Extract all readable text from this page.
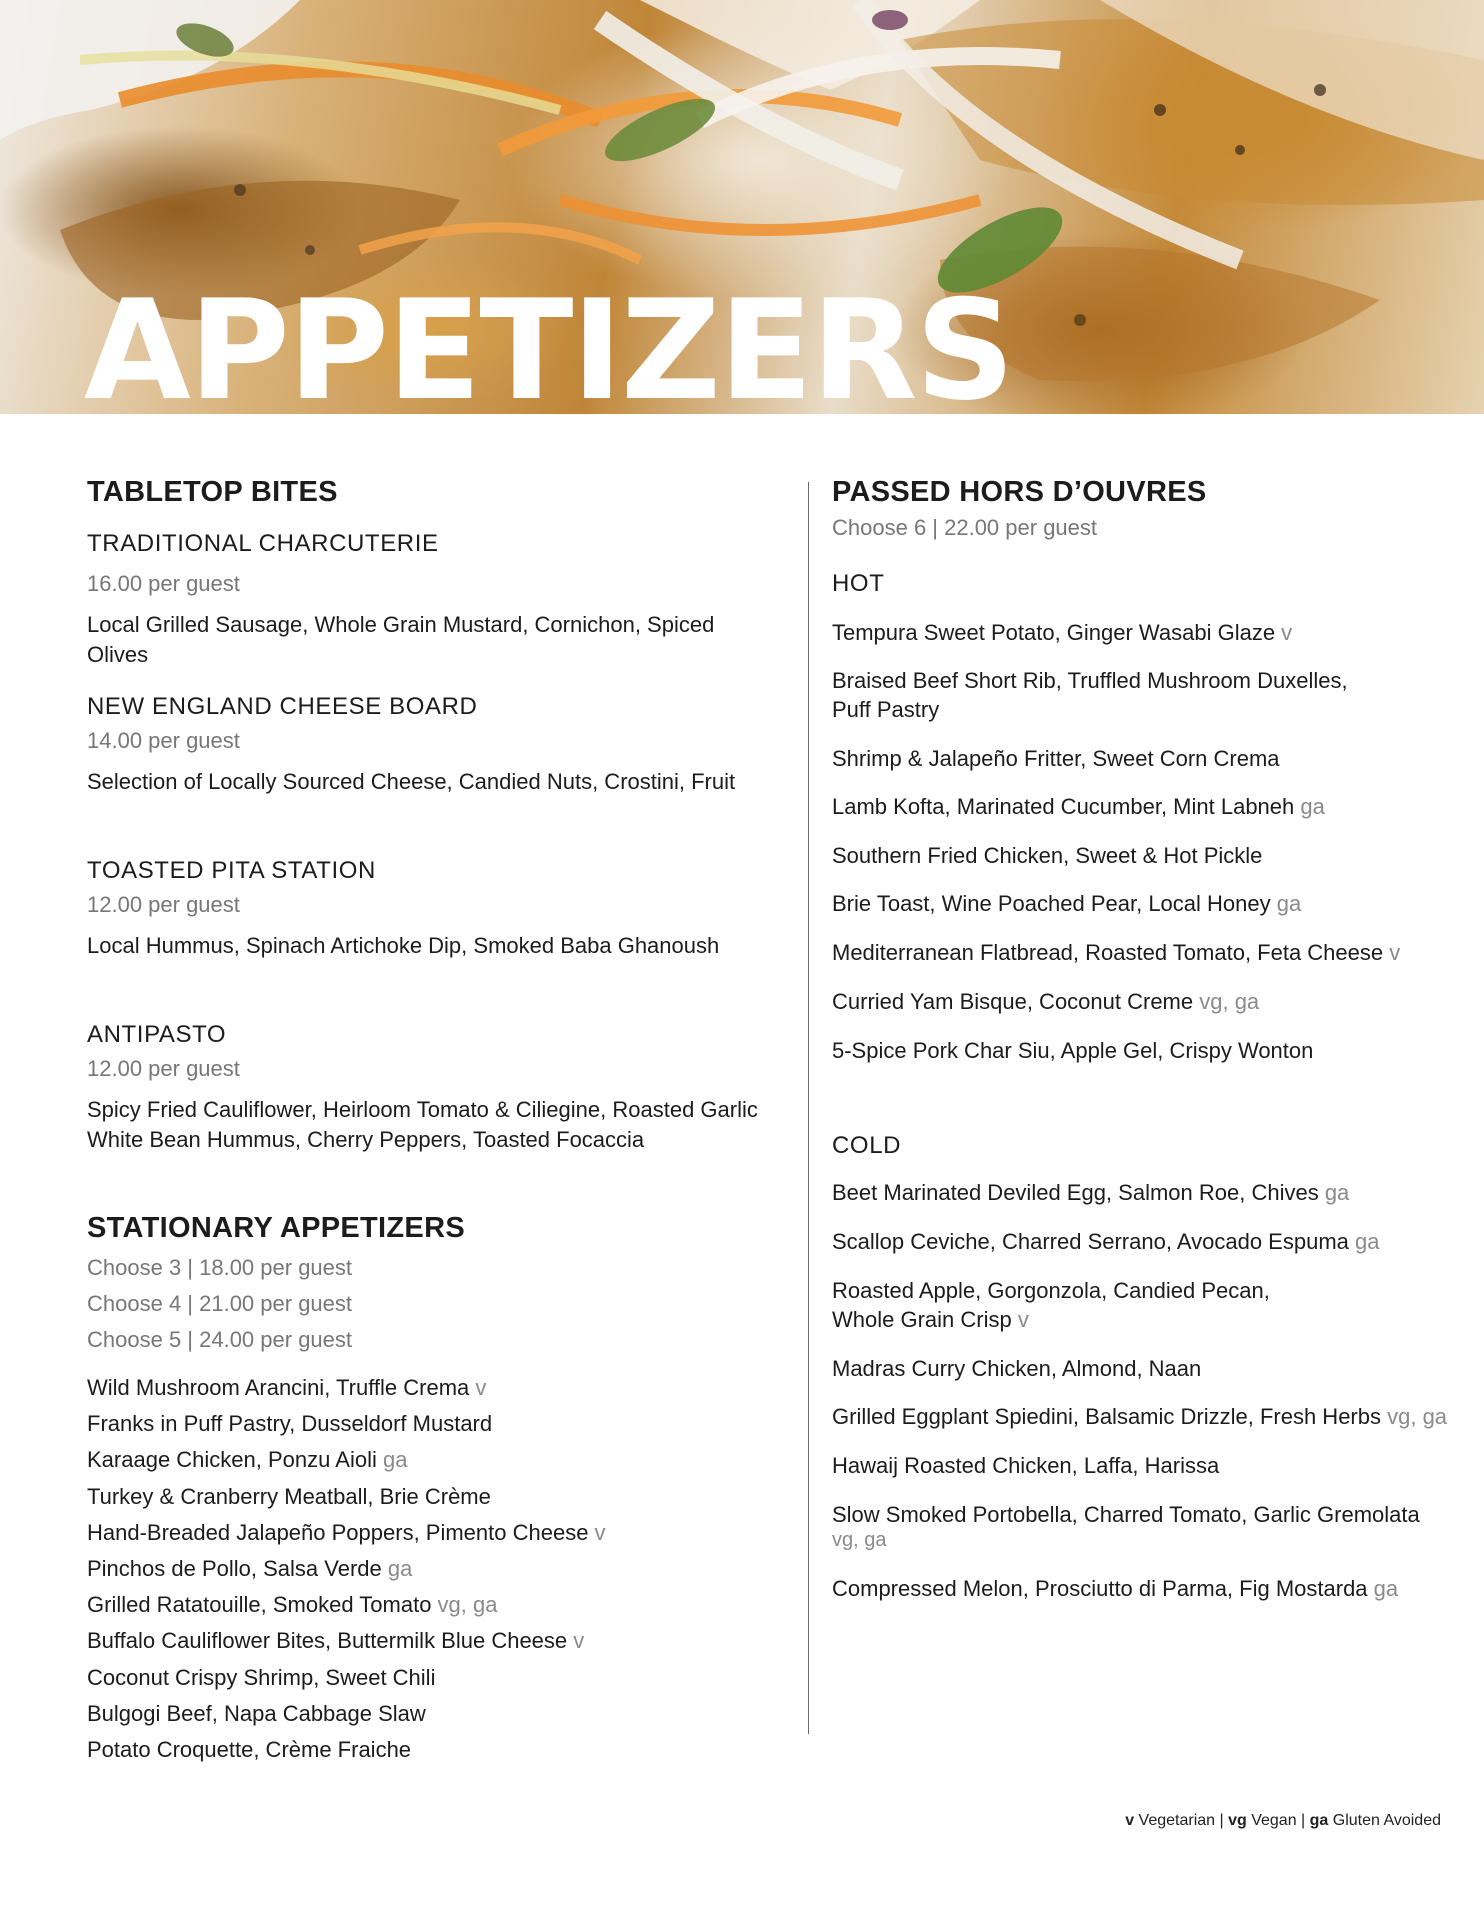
APPETIZERS
TABLETOP BITES
TRADITIONAL CHARCUTERIE
16.00 per guest
Local Grilled Sausage, Whole Grain Mustard, Cornichon, Spiced Olives
NEW ENGLAND CHEESE BOARD
14.00 per guest
Selection of Locally Sourced Cheese, Candied Nuts, Crostini, Fruit
TOASTED PITA STATION
12.00 per guest
Local Hummus, Spinach Artichoke Dip, Smoked Baba Ghanoush
ANTIPASTO
12.00 per guest
Spicy Fried Cauliflower, Heirloom Tomato & Ciliegine, Roasted Garlic
White Bean Hummus, Cherry Peppers, Toasted Focaccia
STATIONARY APPETIZERS
Choose 3 | 18.00 per guest
Choose 4 | 21.00 per guest
Choose 5 | 24.00 per guest
Wild Mushroom Arancini, Truffle Crema v
Franks in Puff Pastry, Dusseldorf Mustard
Karaage Chicken, Ponzu Aioli ga
Turkey & Cranberry Meatball, Brie Crème
Hand-Breaded Jalapeño Poppers, Pimento Cheese v
Pinchos de Pollo, Salsa Verde ga
Grilled Ratatouille, Smoked Tomato vg, ga
Buffalo Cauliflower Bites, Buttermilk Blue Cheese v
Coconut Crispy Shrimp, Sweet Chili
Bulgogi Beef, Napa Cabbage Slaw
Potato Croquette, Crème Fraiche
PASSED HORS D’OUVRES
Choose 6 | 22.00 per guest
HOT
Tempura Sweet Potato, Ginger Wasabi Glaze v
Braised Beef Short Rib, Truffled Mushroom Duxelles,
Puff Pastry
Shrimp & Jalapeño Fritter, Sweet Corn Crema
Lamb Kofta, Marinated Cucumber, Mint Labneh ga
Southern Fried Chicken, Sweet & Hot Pickle
Brie Toast, Wine Poached Pear, Local Honey ga
Mediterranean Flatbread, Roasted Tomato, Feta Cheese v
Curried Yam Bisque, Coconut Creme vg, ga
5-Spice Pork Char Siu, Apple Gel, Crispy Wonton
COLD
Beet Marinated Deviled Egg, Salmon Roe, Chives ga
Scallop Ceviche, Charred Serrano, Avocado Espuma ga
Roasted Apple, Gorgonzola, Candied Pecan,
Whole Grain Crisp v
Madras Curry Chicken, Almond, Naan
Grilled Eggplant Spiedini, Balsamic Drizzle, Fresh Herbs vg, ga
Hawaij Roasted Chicken, Laffa, Harissa
Slow Smoked Portobella, Charred Tomato, Garlic Gremolata
vg, ga
Compressed Melon, Prosciutto di Parma, Fig Mostarda ga
v Vegetarian | vg Vegan | ga Gluten Avoided
